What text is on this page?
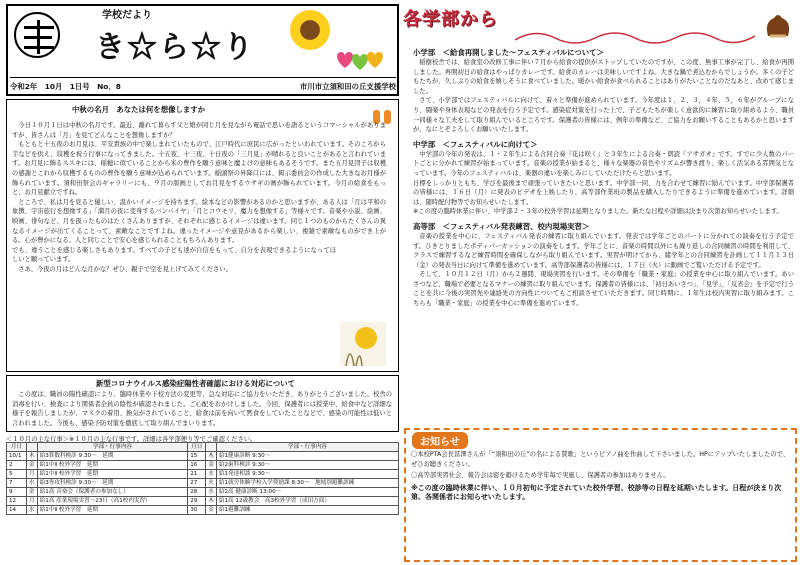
学校だより
き☆ら☆り
令和2年　10月　1日号　No．8	市川市立須和田の丘支援学校
中秋の名月　あなたは何を想像しますか

今日１０月１日は中秋の名月です。最近、離れて暮らす父と娘が同じ月を見ながら電話で思いを語るというコマーシャルがありますが、皆さんは「月」を見てどんなことを想像しますか？

もともと十五夜のお月見は、平安貴族の中で楽しまれていたもので、江戸時代に庶民に広がったといわれています。そのころから芋などを供え、収穫を祝う行事になってきました。十五夜、十三夜、十日夜の「三月見」が晴れると良いことがあると言われています。お月見に飾るススキには、稲穂に似ていることから米の豊作を願う意味と魔よけの意味もあるそうです。また五月見団子は収穫の感謝とこれから収穫するものの豊作を願う意味が込められています。稲頭祭の昇降口には、掲示委員会の作成した大きなお月様が飾られています。須和田祭会のギャラリーにも、９月の版画としてお月見をするウサギの画が飾られています。今月の給食をもっと、お月見献立ですね。

ところで、私は月を見ると優しい、温かいイメージを持ちます。絵本などの影響があるのかと思いますが、ある人は「月は平和の象徴、宇宙旅行を想像する」「満月の夜に変身するバンパイヤ」「月とコウモリ、魔力を想像する」等様々です。音楽や小説、絵画、映画、俳句など、月を扱ったものはたくさんありますが、それぞれに感じるイメージは違います。同じ１つのものからたくさんの異なるイメージが出てくることって、素敵なことですよね。違ったイメージや意見があるから楽しい、複雑で素敵なものができ上がる。心が豊かになる。人と同じことで安心を感じられることもちろんあります。

でも、違うことを感じる楽しさもあります。すべての子ども達が自信をもって、自分を表現できるようになってほしいと願っています。

さあ、今夜の月はどんな月かな？ぜひ、親子で空を見上げてみてください。

新型コロナウイルス感染症陽性者確認における対応について
この度は、職員の陽性確認により、臨時休業や下校方法の変更等、急な対応にご協力をいただき、ありがとうございました。校舎の消毒を行い、検査により関係者全員の陰性が確認されました。ご心配をおかけしました。今回、保護者には授業中、給食中など詳細な様子を報告しましたが、マスクの着用、換気がされていること、給食は前を向いて黙食をしていたことなどで、感染の可能性は低いと言われました。今後も、感染予防対策を徹底して取り組んでまいります。
＜１０月の主な行事＞※１０月の主な行事です。詳細は各学部便り等でご確認ください。
月日		学部・行事内容	月日		学部・行事内容
10/1	木	給3算数科検診 9:30～　延期	15	木	給1健康診断 9:30～
2	金	給1中Ⅱ 校外学習　延期	16	金	給2歯科検診 9:30～
5	月	給1中Ⅱ 校外学習　延期	21	水	給1発達相談 9:30～
7	水	給3専攻科検診 9:30～　延期	27	火	給1就労体験学校入学奨励課 8:30～　地域別避難訓練
9	金	給1高 音楽会（保護者の参加なし）	28	水	給2高 健康診断 13:00～
12	月	給1高 産業現場実習～23日（高1校内実習）	29	木	給1高 12歳教会　高3校外学習（成田方面）
14	水	給1中Ⅱ 校外学習　延期	30	金	給1避難訓練
各学部から
小学部　＜給食再開しました～フェスティバルについて＞

稲樹校舎では、給食室の改修工事に伴い７月から給食の提供がストップしていたのですが、この度、無事工事が完了し、給食が再開しました。再開初日の給食はやっぱりカレーです。給食のカレーは美味しいですよね。大きな鍋で煮込むからでしょうか。多くの子どもたちが、久しぶりの給食を嬉しそうに食べていました。暖かい給食が食べられることはありがたいことなのだなあと、改めて感じました。

さて、小学部ではフェスティバルに向けて、着々と準備が進められています。今年度は１、２、３，４年、５，６年がグループになり、闘楽や身体表現などの発表を行う予定です。感染症対策を行った上で、子どもたちが楽しく意欲的に練習に取り組めるよう、職員一同様々な工夫をして取り組んでいるところです。保護者の皆様には、例年の準備など、ご協力をお願いすることもあるかと思いますが、なにとぞよろしくお願いいたします。

中学部　＜フェスティバルに向けて＞

中学部の今年の発表は、１・２年生による合同合奏『花は咲く』と３年生による合奏・朗読『アサガオ』です。すでに少人数のパートごとに分かれて練習が始まっています。音楽の授業が始まると、様々な楽器の音色やリズムが響き渡り、楽しく活気ある雰囲気となっています。今年のフェスティバルは、楽器の違いを楽しみにしていただけたらと思います。

日標をしっかりともち、学びを最後まで頑張っていきたいと思います。中学部一同、力を合わせて練習に励んでいます。中学部保護者の皆様には、１６日（月）に発表のビデオを上映したり、高等部作業班の製品を購入したりできるように準備を進めています。詳細は、随時配付物等でお知らせいたします。

※この度の臨時休業に伴い、中学部２・３年の校外学習は延期となりました。新たな日程や詳細は決まり次第お知らせいたします。

高等部　＜フェスティバル発表練習、校内現場実習＞

音楽の授業を中心に、フェスティバル発表の練習に取り組んでいます。発表では学年ごとのパートに分かれての演奏を行う予定です。ひきとりましたポディパーカッションの演奏をします。学年ごとに、音楽の時間以外にも繰り返しの合同練習の時間を利用して、クラスで練習するなど練習時間を確保しながら取り組んでいます。実習が明けてから、緒学年との合同練習を計画して１１月１３日（金）の発表当日に向けて準備を進めています。高等部保護者の皆様には、１７日（火）に動画でご覧いただける予定です。

そして、１０月１２日（月）から２週間、現場実習を行います。その準備を「職業・家庭」の授業を中心に取り組んでいます。あいさつなど、職場で必要となるマナーの練習に取り組んでいます。保護者の皆様には、「初日あいさつ」、「見学」、「反省会」を予定で行うことを共に今後の実習先や連絡先の方向性についてもご相談させていただきます。同じ時期に、１年生は校内実習に取り組みます。こちらも「職業・家庭」の授業を中心に準備を進めています。

お知らせ

〇本校PTA会長冨澤さんが「“須和田の丘”の名による賛歌」というピアノ曲を作曲して下さいました。HPにアップいたしましたので、ぜひお聴きください。

〇高等部実習社会、報告会は密を避けるため学年毎で実施し、保護者の参加はありません。

※この度の臨時休業に伴い、１０月初旬に予定されていた校外学習、校診等の日程を延期いたします。日程が決まり次第、各関係者にお知らせいたします。
